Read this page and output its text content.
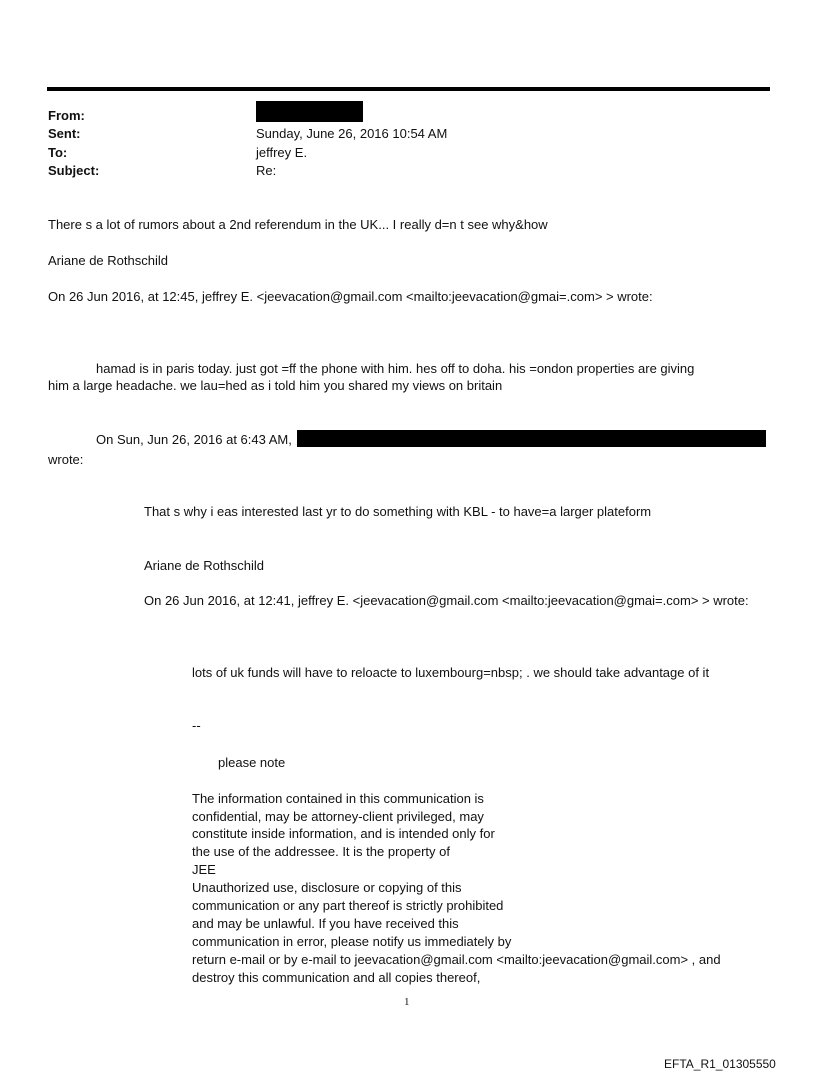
From:
Sent:	Sunday, June 26, 2016 10:54 AM
To:	jeffrey E.
Subject:	Re:
There s a lot of rumors about a 2nd referendum in the UK... I really d=n t see why&how
Ariane de Rothschild
On 26 Jun 2016, at 12:45, jeffrey E. <jeevacation@gmail.com <mailto:jeevacation@gmai=.com> > wrote:
hamad is in paris today. just got =ff the phone with him. hes off to doha. his =ondon properties are giving
him a large headache. we lau=hed as i told him you shared my views on britain
On Sun, Jun 26, 2016 at 6:43 AM,
wrote:
That s why i eas interested last yr to do something with KBL - to have=a larger plateform
Ariane de Rothschild
On 26 Jun 2016, at 12:41, jeffrey E. <jeevacation@gmail.com <mailto:jeevacation@gmai=.com> > wrote:
lots of uk funds will have to reloacte to luxembourg=nbsp; . we should take advantage of it
--
please note
The information contained in this communication is
confidential, may be attorney-client privileged, may
constitute inside information, and is intended only for
the use of the addressee. It is the property of
JEE
Unauthorized use, disclosure or copying of this
communication or any part thereof is strictly prohibited
and may be unlawful. If you have received this
communication in error, please notify us immediately by
return e-mail or by e-mail to jeevacation@gmail.com <mailto:jeevacation@gmail.com> , and
destroy this communication and all copies thereof,
1
EFTA_R1_01305550
